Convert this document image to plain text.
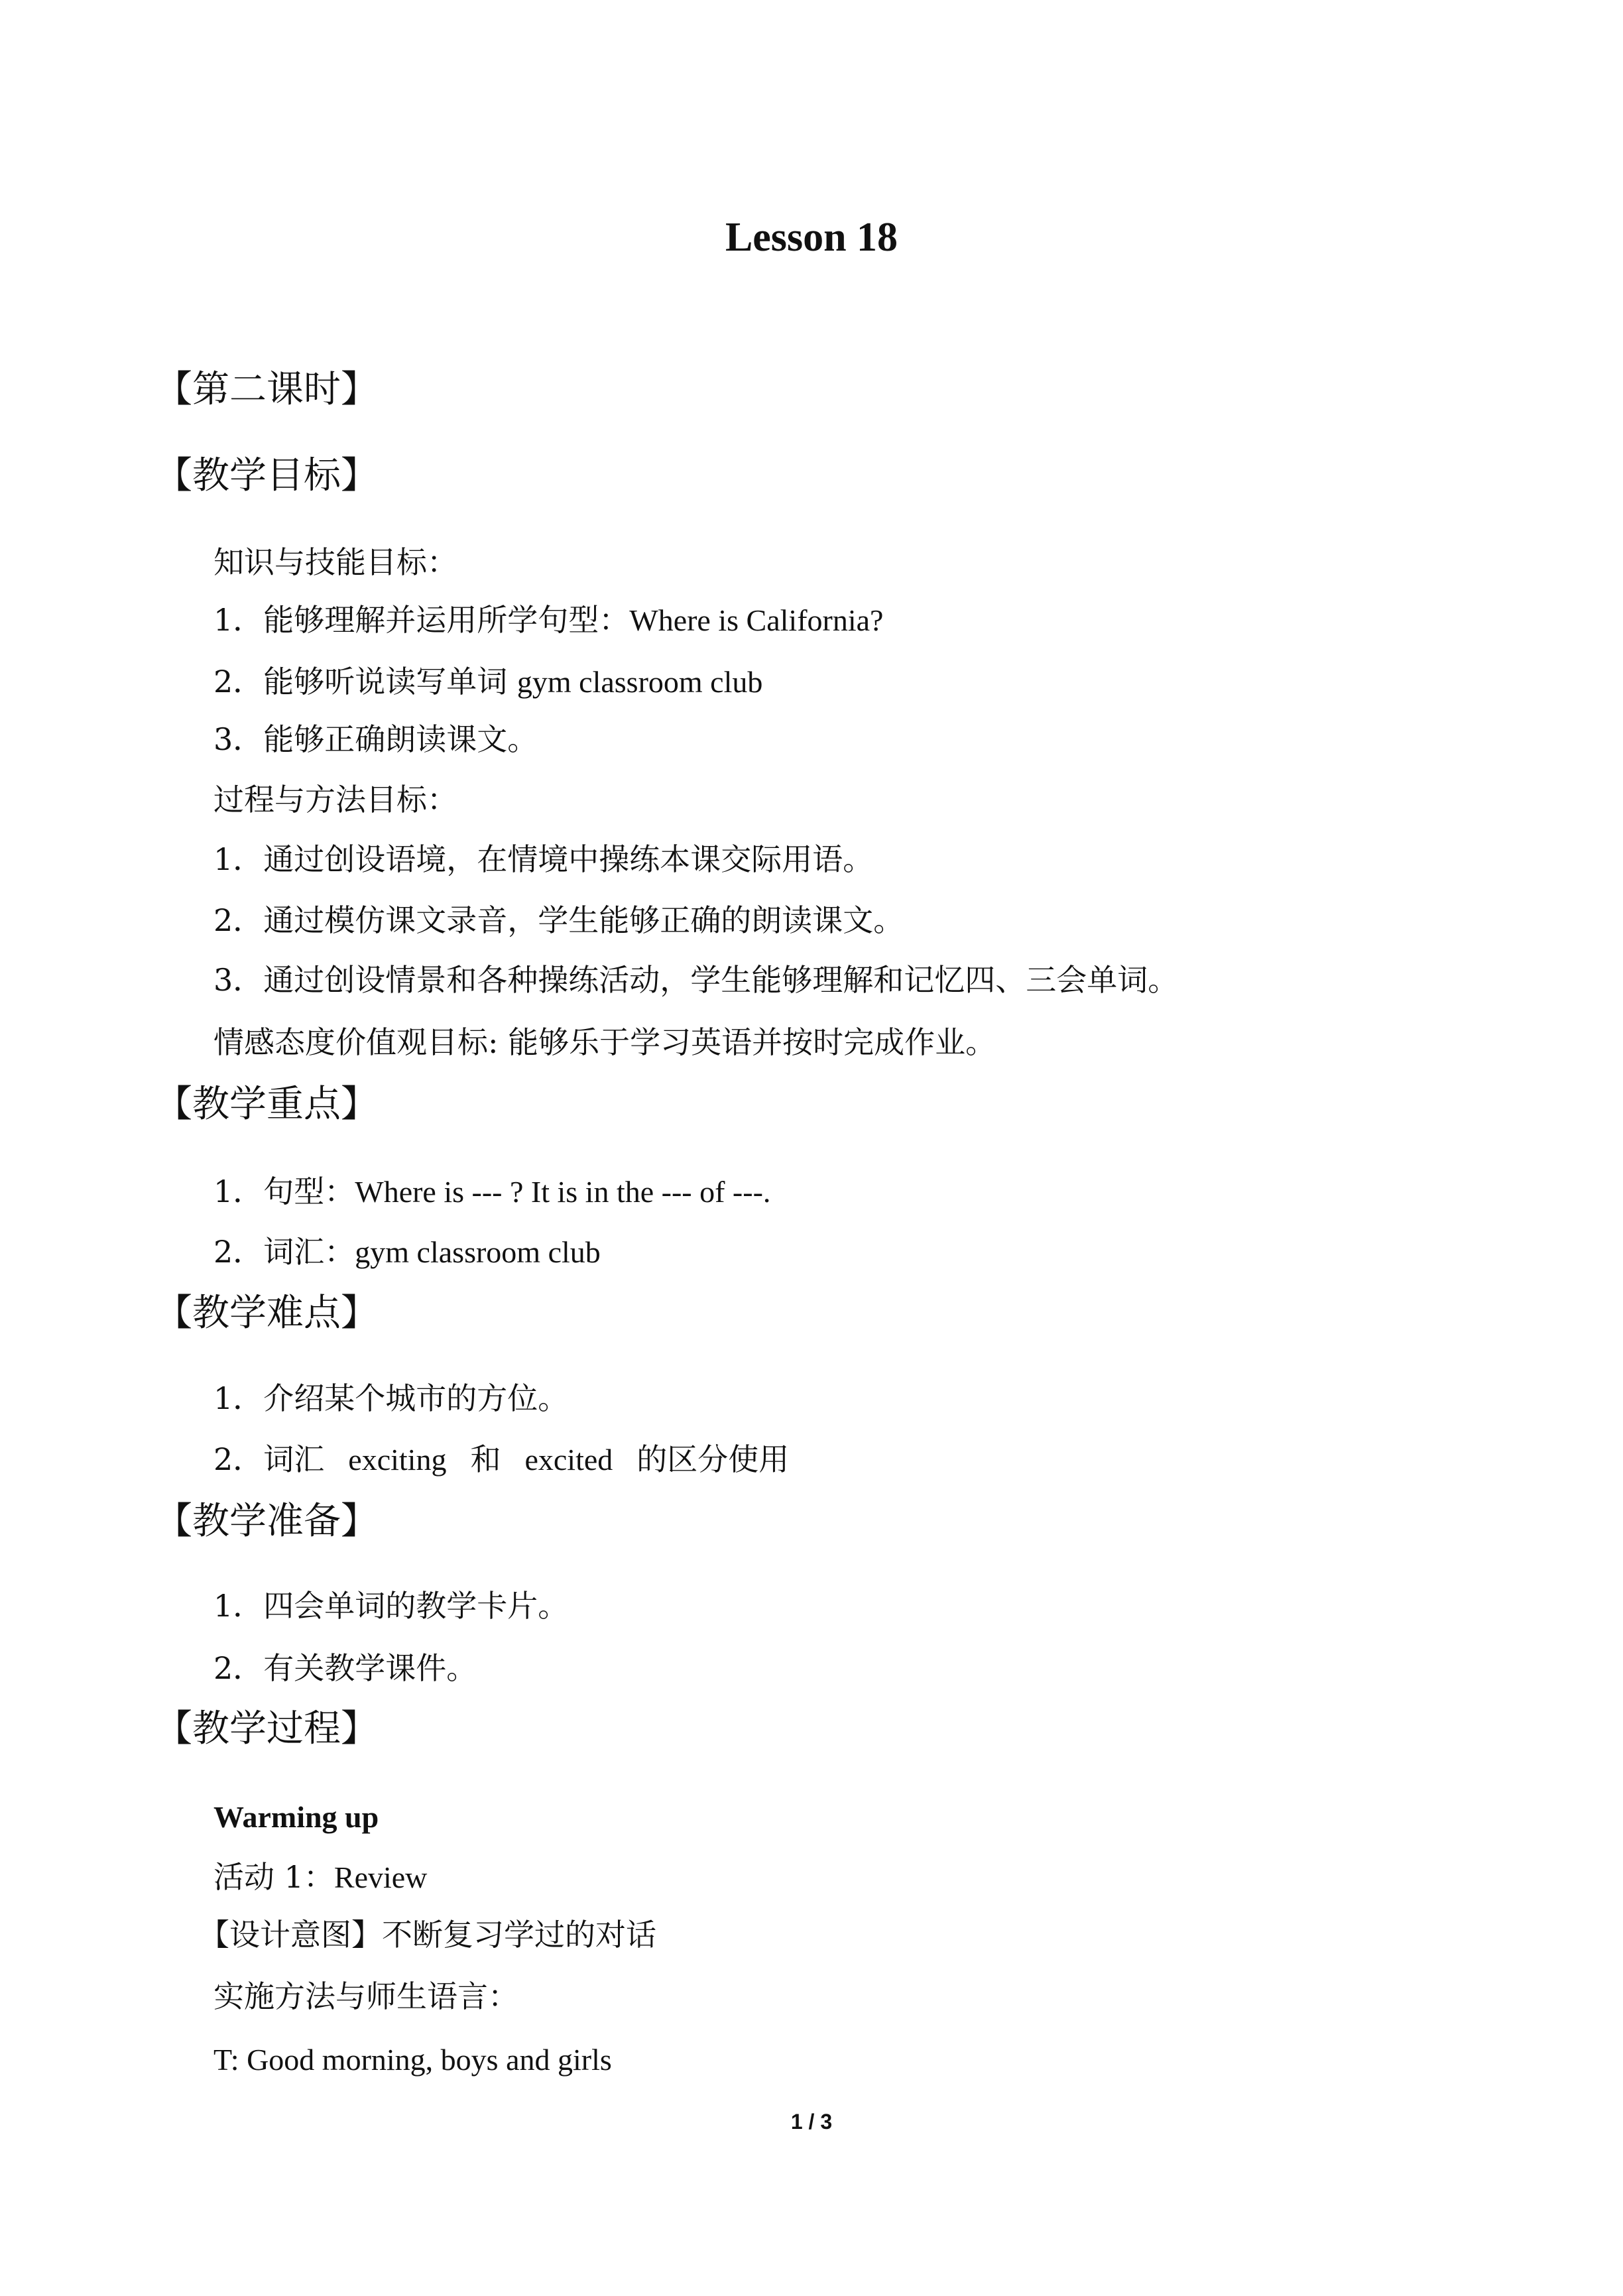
Lesson 18
【第二课时】
【教学目标】
知识与技能目标：
1．能够理解并运用所学句型：Where is California?
2．能够听说读写单词 gym classroom club
3．能够正确朗读课文。
过程与方法目标：
1．通过创设语境，在情境中操练本课交际用语。
2．通过模仿课文录音，学生能够正确的朗读课文。
3．通过创设情景和各种操练活动，学生能够理解和记忆四、三会单词。
情感态度价值观目标: 能够乐于学习英语并按时完成作业。
【教学重点】
1．句型：Where is --- ? It is in the --- of ---.
2．词汇：gym classroom club
【教学难点】
1．介绍某个城市的方位。
2．词汇 exciting 和 excited 的区分使用
【教学准备】
1．四会单词的教学卡片。
2．有关教学课件。
【教学过程】
Warming up
活动 1：Review
【设计意图】不断复习学过的对话
实施方法与师生语言：
T: Good morning, boys and girls
1 / 3
